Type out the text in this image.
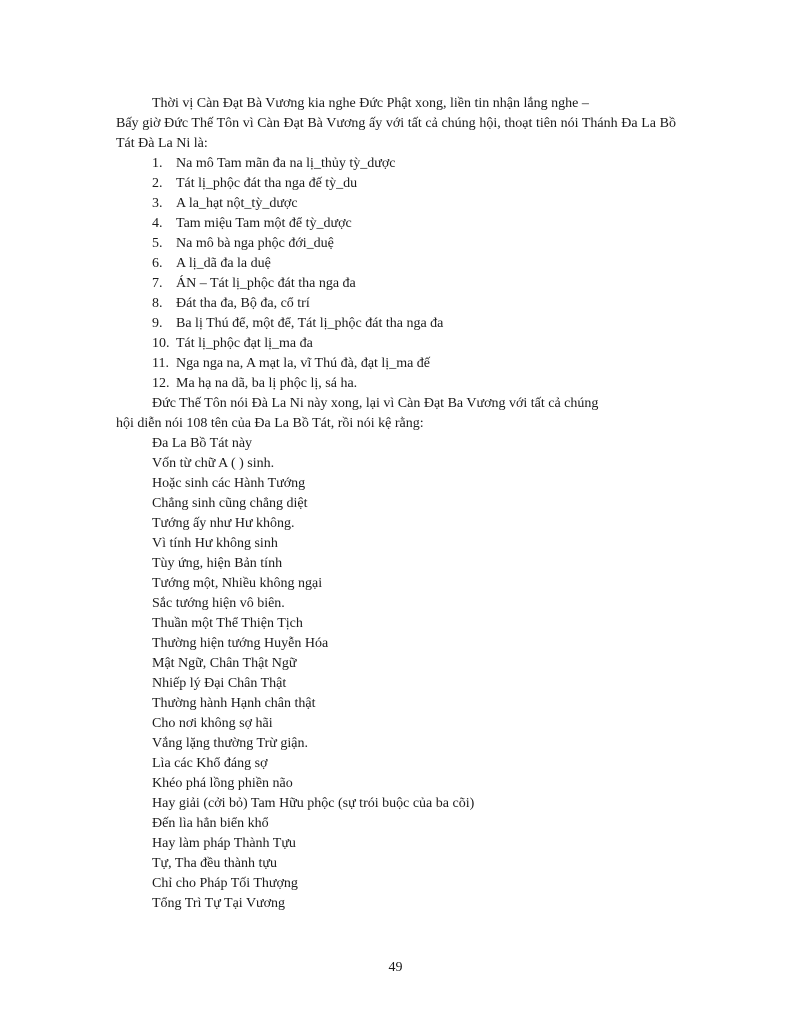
Thời vị Càn Đạt Bà Vương kia nghe Đức Phật xong, liền tin nhận lắng nghe –
Bấy giờ Đức Thế Tôn vì Càn Đạt Bà Vương ấy với tất cả chúng hội, thoạt tiên nói Thánh Đa La Bồ Tát Đà La Ni là:

1. Na mô Tam mãn đa na lị_thủy tỳ_dược
2. Tát lị_phộc đát tha nga đế tỳ_du
3. A la_hạt nột_tỳ_dược
4. Tam miệu Tam một để tỳ_dược
5. Na mô bà nga phộc đới_duệ
6. A lị_dã đa la duệ
7. ÁN – Tát lị_phộc đát tha nga đa
8. Đát tha đa, Bộ đa, cổ trí
9. Ba lị Thú để, một để, Tát lị_phộc đát tha nga đa
10. Tát lị_phộc đạt lị_ma đa
11. Nga nga na, A mạt la, vĩ Thú đà, đạt lị_ma đế
12. Ma hạ na dã, ba lị phộc lị, sá ha.

Đức Thế Tôn nói Đà La Ni này xong, lại vì Càn Đạt Ba Vương với tất cả chúng
hội diễn nói 108 tên của Đa La Bồ Tát, rồi nói kệ rằng:

Đa La Bồ Tát này
Vốn từ chữ A ( ) sinh.
Hoặc sinh các Hành Tướng
Chẳng sinh cũng chẳng diệt
Tướng ấy như Hư không.
Vì tính Hư không sinh
Tùy ứng, hiện Bản tính
Tướng một, Nhiều không ngại
Sắc tướng hiện vô biên.
Thuần một Thể Thiện Tịch
Thường hiện tướng Huyễn Hóa
Mật Ngữ, Chân Thật Ngữ
Nhiếp lý Đại Chân Thật
Thường hành Hạnh chân thật
Cho nơi không sợ hãi
Vắng lặng thường Trừ giận.
Lìa các Khổ đáng sợ
Khéo phá lồng phiền não
Hay giải (cởi bỏ) Tam Hữu phộc (sự trói buộc của ba cõi)
Đến lìa hẳn biển khổ
Hay làm pháp Thành Tựu
Tự, Tha đều thành tựu
Chỉ cho Pháp Tối Thượng
Tổng Trì Tự Tại Vương
49
